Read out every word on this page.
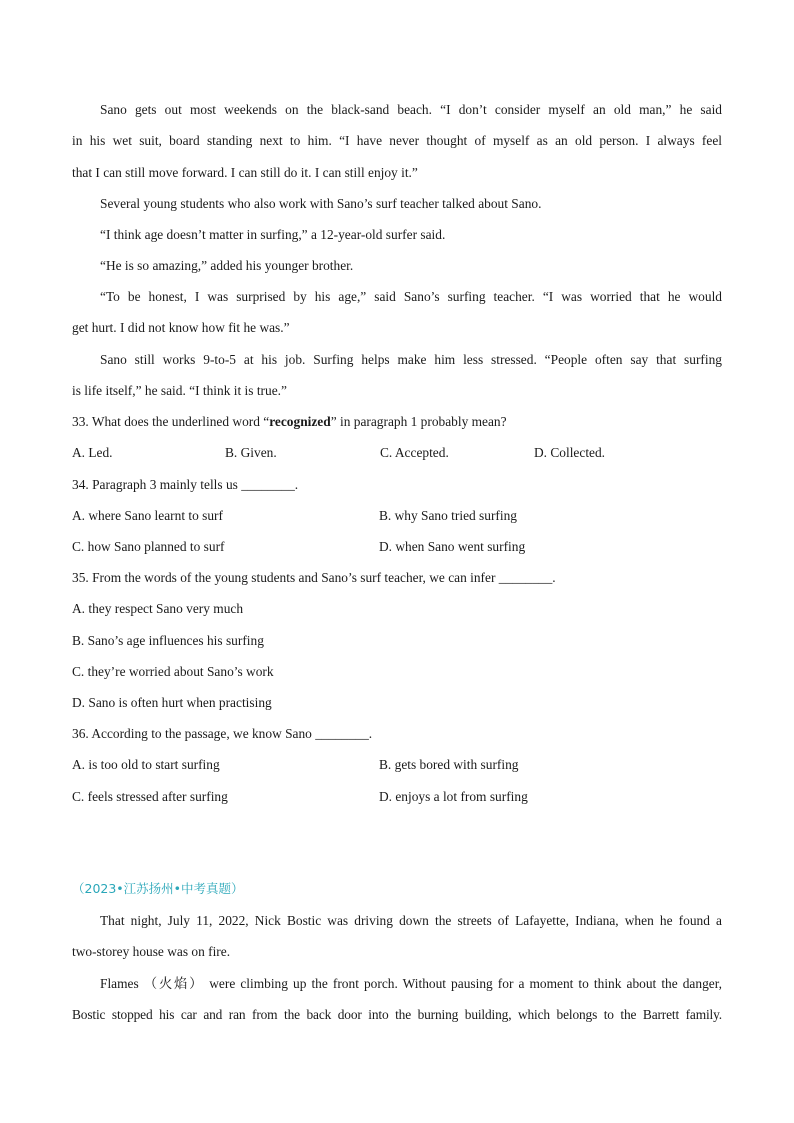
Sano gets out most weekends on the black-sand beach. “I don’t consider myself an old man,” he said
in his wet suit, board standing next to him. “I have never thought of myself as an old person. I always feel
that I can still move forward. I can still do it. I can still enjoy it.”
Several young students who also work with Sano’s surf teacher talked about Sano.
“I think age doesn’t matter in surfing,” a 12-year-old surfer said.
“He is so amazing,” added his younger brother.
“To be honest, I was surprised by his age,” said Sano’s surfing teacher. “I was worried that he would
get hurt. I did not know how fit he was.”
Sano still works 9-to-5 at his job. Surfing helps make him less stressed. “People often say that surfing
is life itself,” he said. “I think it is true.”
33. What does the underlined word “recognized” in paragraph 1 probably mean?
A. Led.	B. Given.	C. Accepted.	D. Collected.
34. Paragraph 3 mainly tells us ________.
A. where Sano learnt to surf	B. why Sano tried surfing
C. how Sano planned to surf	D. when Sano went surfing
35. From the words of the young students and Sano’s surf teacher, we can infer ________.
A. they respect Sano very much
B. Sano’s age influences his surfing
C. they’re worried about Sano’s work
D. Sano is often hurt when practising
36. According to the passage, we know Sano ________.
A. is too old to start surfing	B. gets bored with surfing
C. feels stressed after surfing	D. enjoys a lot from surfing
（2023•江苏扬州•中考真题）
That night, July 11, 2022, Nick Bostic was driving down the streets of Lafayette, Indiana, when he found a
two-storey house was on fire.
Flames （火焰） were climbing up the front porch. Without pausing for a moment to think about the danger,
Bostic stopped his car and ran from the back door into the burning building, which belongs to the Barrett family.
